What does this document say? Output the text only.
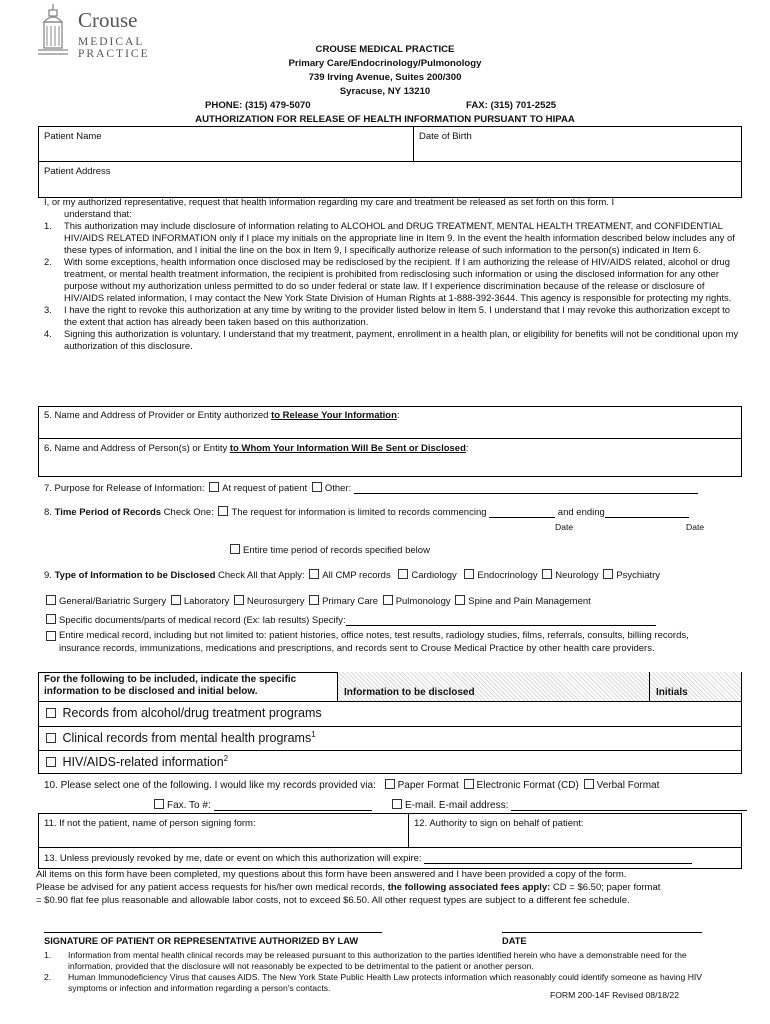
Crouse
MEDICAL PRACTICE	CROUSE MEDICAL PRACTICE
Primary Care/Endocrinology/Pulmonology
739 Irving Avenue, Suites 200/300
Syracuse, NY 13210
PHONE: (315) 479-5070	FAX: (315) 701-2525
AUTHORIZATION FOR RELEASE OF HEALTH INFORMATION PURSUANT TO HIPAA
Patient Name	Date of Birth
Patient Address

I, or my authorized representative, request that health information regarding my care and treatment be released as set forth on this form. I

understand that:

1.	This authorization may include disclosure of information relating to ALCOHOL and DRUG TREATMENT, MENTAL HEALTH TREATMENT, and CONFIDENTIAL HIV/AIDS RELATED INFORMATION only if I place my initials on the appropriate line in Item 9. In the event the health information described below includes any of these types of information, and I initial the line on the box in Item 9, I specifically authorize release of such information to the person(s) indicated in Item 6.
2.	With some exceptions, health information once disclosed may be redisclosed by the recipient. If I am authorizing the release of HIV/AIDS related, alcohol or drug treatment, or mental health treatment information, the recipient is prohibited from redisclosing such information or using the disclosed information for any other purpose without my authorization unless permitted to do so under federal or state law. If I experience discrimination because of the release or disclosure of HIV/AIDS related information, I may contact the New York State Division of Human Rights at 1-888-392-3644. This agency is responsible for protecting my rights.
3.	I have the right to revoke this authorization at any time by writing to the provider listed below in Item 5. I understand that I may revoke this authorization except to the extent that action has already been taken based on this authorization.
4.	Signing this authorization is voluntary. I understand that my treatment, payment, enrollment in a health plan, or eligibility for benefits will not be conditional upon my authorization of this disclosure.
5. Name and Address of Provider or Entity authorized to Release Your Information:
6. Name and Address of Person(s) or Entity to Whom Your Information Will Be Sent or Disclosed:
7. Purpose for Release of Information: At request of patient Other:
8. Time Period of Records Check One: The request for information is limited to records commencing	and ending
Date	Date
Entire time period of records specified below
9. Type of Information to be Disclosed Check All that Apply: All CMP records Cardiology Endocrinology Neurology Psychiatry
General/Bariatric Surgery Laboratory Neurosurgery Primary Care Pulmonology Spine and Pain Management
Specific documents/parts of medical record (Ex: lab results) Specify:
Entire medical record, including but not limited to: patient histories, office notes, test results, radiology studies, films, referrals, consults, billing records, insurance records, immunizations, medications and prescriptions, and records sent to Crouse Medical Practice by other health care providers.
For the following to be included, indicate the specific information to be disclosed and initial below.	Information to be disclosed	Initials
Records from alcohol/drug treatment programs
Clinical records from mental health programs$^1$
HIV/AIDS-related information$^2$
10. Please select one of the following. I would like my records provided via: Paper Format Electronic Format (CD) Verbal Format
Fax. To #:	E-mail. E-mail address:
11. If not the patient, name of person signing form:	12. Authority to sign on behalf of patient:
13. Unless previously revoked by me, date or event on which this authorization will expire:
All items on this form have been completed, my questions about this form have been answered and I have been provided a copy of the form.
Please be advised for any patient access requests for his/her own medical records, the following associated fees apply: CD = $6.50; paper format
= $0.90 flat fee plus reasonable and allowable labor costs, not to exceed $6.50. All other request types are subject to a different fee schedule.
SIGNATURE OF PATIENT OR REPRESENTATIVE AUTHORIZED BY LAW	DATE
1.	Information from mental health clinical records may be released pursuant to this authorization to the parties identified herein who have a demonstrable need for the information, provided that the disclosure will not reasonably be expected to be detrimental to the patient or another person.
2.	Human Immunodeficiency Virus that causes AIDS. The New York State Public Health Law protects information which reasonably could identify someone as having HIV symptoms or infection and information regarding a person's contacts.
FORM 200-14F Revised 08/18/22
